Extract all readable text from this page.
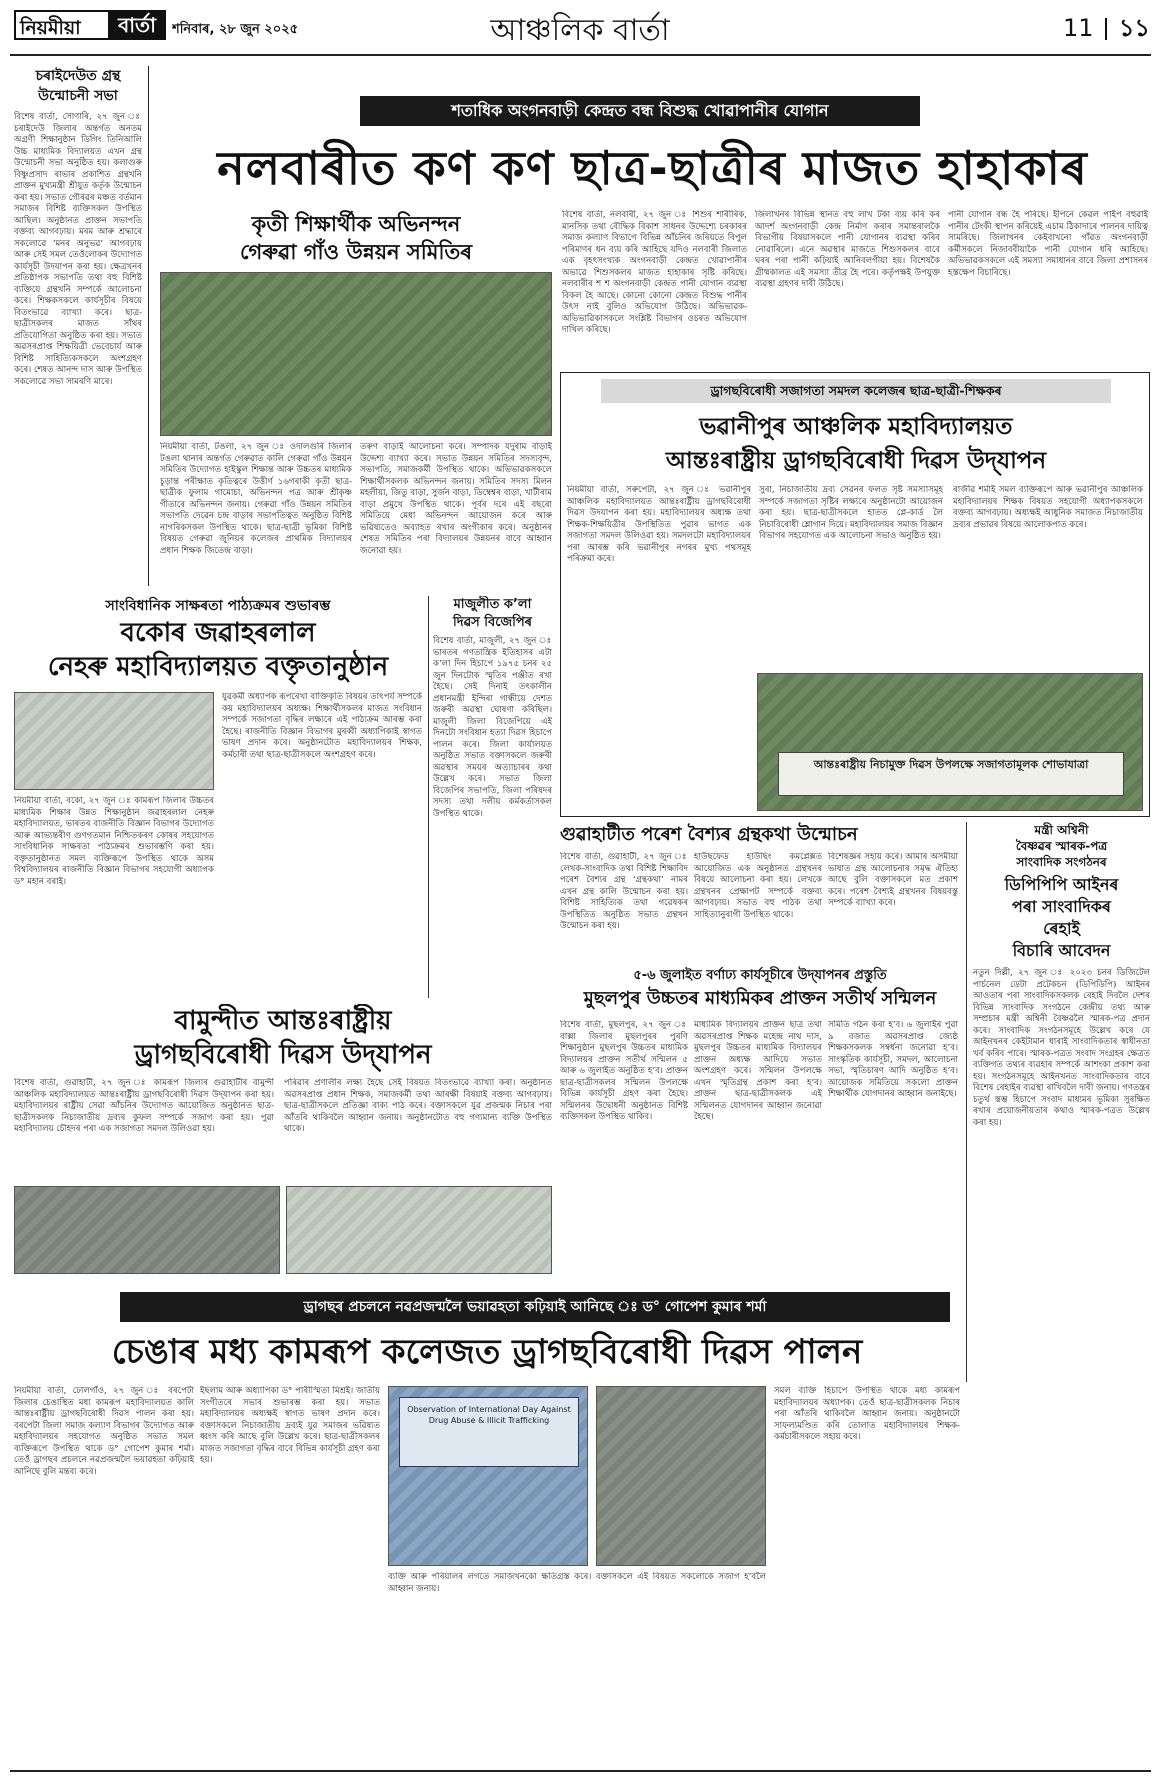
নিয়মীয়া	বাৰ্তা	শনিবাৰ, ২৮ জুন ২০২৫	আঞ্চলিক বাৰ্তা	11 ১১
চৰাইদেউত গ্ৰন্থ উন্মোচনী সভা
বিশেষ বাৰ্তা, সোণাৰি, ২৭ জুন ঃ চৰাইদেউ জিলাৰ অন্তৰ্গত অনতম অগ্ৰণী শিক্ষানুষ্ঠান ডিগিং তিনিআলি উচ্চ মাধ্যমিক বিদ্যালয়ত এখন গ্ৰন্থ উন্মোচনী সভা অনুষ্ঠিত হয়। কলাগুৰু বিষ্ণুপ্ৰসাদ ৰাভাৰ প্ৰকাশিত গ্ৰন্থখনি প্ৰাক্তন মুখ্যমন্ত্ৰী শ্ৰীযুত কৰ্তৃক উন্মোচন কৰা হয়। সভাত গৌৰৱৰ মঞ্চত বৰ্তমান সমাজৰ বিশিষ্ট ব্যক্তিসকল উপস্থিত আছিল। অনুষ্ঠানত প্ৰাক্তন সভাপতি বক্তব্য আগবঢ়ায়। মৰম আৰু শ্ৰদ্ধাৰে সকলোৱে ‘মনৰ অনুভৱ’ আগবঢ়ায় আৰু সেই সমল তেওঁলোকৰ উদ্যোগত কাৰ্যসূচী উদযাপন কৰা হয়। ক্ষেত্ৰখনৰ প্ৰতিষ্ঠাপক সভাপতি তথা বহু বিশিষ্ট ব্যক্তিয়ে গ্ৰন্থখনি সম্পৰ্কে আলোচনা কৰে। শিক্ষকসকলে কাৰ্যসূচীৰ বিষয়ে বিতংভাৱে ব্যাখ্যা কৰে। ছাত্ৰ-ছাত্ৰীসকলৰ মাজত সাঁথৰ প্ৰতিযোগিতা অনুষ্ঠিত কৰা হয়। সভাত অৱসৰপ্ৰাপ্ত শিক্ষয়িত্ৰী ভেবেচাৰ্য আৰু বিশিষ্ট সাহিত্যিকসকলে অংশগ্ৰহণ কৰে। শেষত আনন্দ দাস আৰু উপস্থিত সকলোৱে সভা সামৰণি মাৰে।
শতাধিক অংগনবাড়ী কেন্দ্ৰত বন্ধ বিশুদ্ধ খোৱাপানীৰ যোগান
নলবাৰীত কণ কণ ছাত্ৰ-ছাত্ৰীৰ মাজত হাহাকাৰ
কৃতী শিক্ষাৰ্থীক অভিনন্দন
গেৰুৱা গাঁও উন্নয়ন সমিতিৰ
নিয়মীয়া বাৰ্তা, টঙলা, ২৭ জুন ঃ ওদালগুৰি জিলাৰ টঙলা থানাৰ অন্তৰ্গত গেৰুৱাত কালি গেৰুৱা গাঁও উন্নয়ন সমিতিৰ উদ্যোগত হাইস্কুল শিক্ষান্ত আৰু উচ্চতৰ মাধ্যমিক চূড়ান্ত পৰীক্ষাত কৃতিত্বৰে উত্তীৰ্ণ ১৬গৰাকী কৃতী ছাত্ৰ-ছাত্ৰীক ফুলাম গামোচা, অভিনন্দন পত্ৰ আৰু শ্ৰীকৃষ্ণ গীতাৰে অভিনন্দন জনায়। গেৰুৱা গাঁও উন্নয়ন সমিতিৰ সভাপতি দেৱেন চন্দ্ৰ বাড়াৰ সভাপতিত্বত অনুষ্ঠিত বিশিষ্ট নাগৰিকসকল উপস্থিত থাকে। ছাত্ৰ-ছাত্ৰী ভূমিকা বিশিষ্ট বিষয়ত গেৰুৱা জুনিয়ৰ কলেজৰ প্ৰাথমিক বিদ্যালয়ৰ প্ৰধান শিক্ষক জিতেন্দ্ৰ বাড়া।
তৰুণ বাড়াই আলোচনা কৰে। সম্পাদক যদুৰাম বাড়াই উদ্দেশ্য ব্যাখ্যা কৰে। সভাত উন্নয়ন সমিতিৰ সদস্যবৃন্দ, সভাপতি, সমাজকৰ্মী উপস্থিত থাকে। অভিভাৱকসকলে শিক্ষাৰ্থীসকলক অভিনন্দন জনায়। সমিতিৰ সদস্য মিলন মহলীয়া, জিতু বাড়া, সুৰ্জন বাড়া, ডিম্বেশ্বৰ বাড়া, খাটীৰাম বাড়া প্ৰমুখে উপস্থিত থাকে। পূৰ্বৰ দৰে এই বছৰো সমিতিয়ে মেধা অভিনন্দন আয়োজন কৰে আৰু ভৱিষ্যতেও অব্যাহত ৰখাৰ অংগীকাৰ কৰে। অনুষ্ঠানৰ শেষত সমিতিৰ পৰা বিদ্যালয়ৰ উন্নয়নৰ বাবে আহ্বান জনোৱা হয়।
বিশেষ বাৰ্তা, নলবাৰী, ২৭ জুন ঃ শিশুৰ শাৰীৰিক, মানসিক তথা বৌদ্ধিক বিকাশ সাধনৰ উদ্দেশ্যে চৰকাৰৰ সমাজ কল্যাণ বিভাগে বিভিন্ন আঁচনিৰ জৰিয়তে বিপুল পৰিমাণৰ ধন ব্যয় কৰি আহিছে যদিও নলবাৰী জিলাত এক বৃহৎসংখ্যক অংগনবাড়ী কেন্দ্ৰত খোৱাপানীৰ অভাৱে শিশুসকলৰ মাজত হাহাকাৰ সৃষ্টি কৰিছে। নলবাৰীৰ শ শ অংগনবাড়ী কেন্দ্ৰত পানী যোগান ব্যৱস্থা বিকল হৈ আছে। কোনো কোনো কেন্দ্ৰত বিশুদ্ধ পানীৰ উৎস নাই বুলিও অভিযোগ উঠিছে। অভিভাৱক-অভিভাৱিকাসকলে সংশ্লিষ্ট বিভাগৰ ওচৰত অভিযোগ দাখিল কৰিছে।
জিলাখনৰ বিভিন্ন স্থানত বহু লাখ টকা ব্যয় কৰি কৰ আদৰ্শ অংগনবাড়ী কেন্দ্ৰ নিৰ্মাণ কৰাৰ সমান্তৰালকৈ বিভাগীয় বিষয়াসকলে পানী যোগানৰ ব্যৱস্থা কৰিব নোৱাৰিলে। এনে অৱস্থাৰ মাজতে শিশুসকলৰ বাবে ঘৰৰ পৰা পানী কঢ়িয়াই আনিবলগীয়া হয়। বিশেষকৈ গ্ৰীষ্মকালত এই সমস্যা তীব্ৰ হৈ পৰে। কৰ্তৃপক্ষই উপযুক্ত ব্যৱস্থা গ্ৰহণৰ দাবী উঠিছে।
পানী যোগান বন্ধ হৈ পৰিছে। ইপিনে কেৱল পাইপ বহুৱাই পানীৰ টেংকী স্থাপন কৰিয়েই এচাম ঠিকাদাৰে পালনৰ দায়িত্ব সামৰিছে। জিলাখনৰ কেইবাখনো গাঁৱত অংগনবাড়ী কৰ্মীসকলে নিজাববীয়াকৈ পানী যোগান ধৰি আহিছে। অভিভাৱকসকলে এই সমস্যা সমাধানৰ বাবে জিলা প্ৰশাসনৰ হস্তক্ষেপ বিচাৰিছে।
ড্ৰাগছবিৰোধী সজাগতা সমদল কলেজৰ ছাত্ৰ-ছাত্ৰী-শিক্ষকৰ
ভৱানীপুৰ আঞ্চলিক মহাবিদ্যালয়ত
আন্তঃৰাষ্ট্ৰীয় ড্ৰাগছবিৰোধী দিৱস উদ্‌যাপন
নিয়মীয়া বাৰ্তা, সৰুপেটা, ২৭ জুন ঃ ভৱানীপুৰ আঞ্চলিক মহাবিদ্যালয়ত আন্তঃৰাষ্ট্ৰীয় ড্ৰাগছবিৰোধী দিৱস উদযাপন কৰা হয়। মহাবিদ্যালয়ৰ অধ্যক্ষ তথা শিক্ষক-শিক্ষয়িত্ৰীৰ উপস্থিতিত পুৱাৰ ভাগত এক সজাগতা সমদল উলিওৱা হয়। সমদলটো মহাবিদ্যালয়ৰ পৰা আৰম্ভ কৰি ভৱানীপুৰ নগৰৰ মুখ্য পথসমূহ পৰিক্ৰমা কৰে।
সুৰা, নিচাজাতীয় দ্ৰব্য সেৱনৰ ফলত সৃষ্ট সমস্যাসমূহ সম্পৰ্কে সজাগতা সৃষ্টিৰ লক্ষ্যৰে অনুষ্ঠানটো আয়োজন কৰা হয়। ছাত্ৰ-ছাত্ৰীসকলে হাতত প্লে-কাৰ্ড লৈ নিচাবিৰোধী শ্লোগান দিয়ে। মহাবিদ্যালয়ৰ সমাজ বিজ্ঞান বিভাগৰ সহযোগত এক আলোচনা সভাও অনুষ্ঠিত হয়।
ৰাজীৱ শৰ্মাই সমল ব্যক্তিৰূপে আৰু ভৱানীপুৰ আঞ্চলিক মহাবিদ্যালয়ৰ শিক্ষক বিষয়ত সহযোগী অধ্যাপকসকলে বক্তব্য আগবঢ়ায়। অধ্যক্ষই আধুনিক সমাজত নিচাজাতীয় দ্ৰব্যৰ প্ৰভাৱৰ বিষয়ে আলোকপাত কৰে।
আন্তঃৰাষ্ট্ৰীয় নিচামুক্ত দিৱস উপলক্ষে সজাগতামূলক শোভাযাত্ৰা
সাংবিধানিক সাক্ষৰতা পাঠ্যক্ৰমৰ শুভাৰম্ভ
বকোৰ জৱাহৰলাল
নেহৰু মহাবিদ্যালয়ত বক্তৃতানুষ্ঠান
নিয়মীয়া বাৰ্তা, বকো, ২৭ জুন ঃ কামৰূপ জিলাৰ উচ্চতৰ মাধ্যমিক শিক্ষাৰ উন্নত শিক্ষানুষ্ঠান জৱাহৰলাল নেহৰু মহাবিদ্যালয়ত, ভাৰতৰ বাজনীতি বিজ্ঞান বিভাগৰ উদ্যোগত আৰু আভ্যন্তৰীণ গুণগতমান নিশ্চিতকৰণ কোষৰ সহযোগত সাংবিধানিক সাক্ষৰতা পাঠ্যক্ৰমৰ শুভাৰম্ভণি কৰা হয়। বক্তৃতানুষ্ঠানত সমল ব্যক্তিৰূপে উপস্থিত থাকে অসম বিশ্ববিদ্যালয়ৰ ৰাজনীতি বিজ্ঞান বিভাগৰ সহযোগী অধ্যাপক ড° মহান বৰাই।
যুৱকৰ্মী অধ্যাপক ৰূপৰেখা বাক্তিকৃতি বিষয়ৰ তাৎপৰ্য সম্পৰ্কে কয় মহাবিদ্যালয়ৰ অধ্যক্ষ। শিক্ষাৰ্থীসকলৰ মাজত সংবিধান সম্পৰ্কে সজাগতা বৃদ্ধিৰ লক্ষ্যৰে এই পাঠ্যক্ৰম আৰম্ভ কৰা হৈছে। ৰাজনীতি বিজ্ঞান বিভাগৰ মুৰব্বী অধ্যাপিকাই স্বাগত ভাষণ প্ৰদান কৰে। অনুষ্ঠানটোত মহাবিদ্যালয়ৰ শিক্ষক, কৰ্মচাৰী তথা ছাত্ৰ-ছাত্ৰীসকলে অংশগ্ৰহণ কৰে।
মাজুলীত ক’লা
দিৱস বিজেপিৰ
বিশেষ বাৰ্তা, মাজুলী, ২৭ জুন ঃ ভাৰতৰ গণতান্ত্ৰিক ইতিহাসৰ এটা ক’লা দিন হিচাপে ১৯৭৫ চনৰ ২৫ জুন দিনটোক স্মৃতিৰ পঞ্জীত ৰখা হৈছে। সেই দিনাই তৎকালীন প্ৰধানমন্ত্ৰী ইন্দিৰা গান্ধীয়ে দেশত জৰুৰী অৱস্থা ঘোষণা কৰিছিল। মাজুলী জিলা বিজেপিয়ে এই দিনটো সংবিধান হত্যা দিৱস হিচাপে পালন কৰে। জিলা কাৰ্যালয়ত অনুষ্ঠিত সভাত বক্তাসকলে জৰুৰী অৱস্থাৰ সময়ৰ অত্যাচাৰৰ কথা উল্লেখ কৰে। সভাত জিলা বিজেপিৰ সভাপতি, জিলা পৰিষদৰ সদস্য তথা দলীয় কৰ্মকৰ্তাসকল উপস্থিত থাকে।
বামুন্দীত আন্তঃৰাষ্ট্ৰীয়
ড্ৰাগছবিৰোধী দিৱস উদ্‌যাপন
বিশেষ বাৰ্তা, গুৱাহাটী, ২৭ জুন ঃ কামৰূপ জিলাৰ গুৱাহাটীৰ বামুন্দী আঞ্চলিক মহাবিদ্যালয়ত আন্তঃৰাষ্ট্ৰীয় ড্ৰাগছবিৰোধী দিৱস উদ্‌যাপন কৰা হয়। মহাবিদ্যালয়ৰ ৰাষ্ট্ৰীয় সেৱা আঁচনিৰ উদ্যোগত আয়োজিত অনুষ্ঠানত ছাত্ৰ-ছাত্ৰীসকলক নিচাজাতীয় দ্ৰব্যৰ কুফল সম্পৰ্কে সজাগ কৰা হয়। পুৱা মহাবিদ্যালয় চৌহদৰ পৰা এক সজাগতা সমদল উলিওৱা হয়।
পৰিৱাৰ প্ৰণালীৰ লক্ষ্য হৈছে সেই বিষয়ত বিতংভাৱে ব্যাখ্যা কৰা। অনুষ্ঠানত অৱসৰপ্ৰাপ্ত প্ৰধান শিক্ষক, সমাজকৰ্মী তথা আৰক্ষী বিষয়াই বক্তব্য আগবঢ়ায়। ছাত্ৰ-ছাত্ৰীসকলে প্ৰতিজ্ঞা বাক্য পাঠ কৰে। বক্তাসকলে যুৱ প্ৰজন্মক নিচাৰ পৰা আঁতৰি থাকিবলৈ আহ্বান জনায়। অনুষ্ঠানটোত বহু গণ্যমান্য ব্যক্তি উপস্থিত থাকে।
গুৱাহাটীত পৰেশ বৈশ্যৰ গ্ৰন্থকথা উন্মোচন
বিশেষ বাৰ্তা, গুৱাহাটী, ২৭ জুন ঃ লেখক-সাংবাদিক তথা বিশিষ্ট শিক্ষাবিদ পৰেশ বৈশ্যৰ গ্ৰন্থ ‘গ্ৰন্থকথা’ নামৰ এখন গ্ৰন্থ কালি উন্মোচন কৰা হয়। বিশিষ্ট সাহিত্যিক তথা গৱেষকৰ উপস্থিতিত অনুষ্ঠিত সভাত গ্ৰন্থখন উন্মোচন কৰা হয়।
হাউছফেড হাউছিং কমপ্লেক্সত আয়োজিত এক অনুষ্ঠানত গ্ৰন্থখনৰ বিষয়ে আলোচনা কৰা হয়। লেখকে গ্ৰন্থখনৰ প্ৰেক্ষাপট সম্পৰ্কে বক্তব্য আগবঢ়ায়। সভাত বহু পাঠক তথা সাহিত্যানুৰাগী উপস্থিত থাকে।
বিশেষজ্ঞৰ সহায় কৰে। আমাৰ অসমীয়া ভাষাত গ্ৰন্থ আলোচনাৰ সমৃদ্ধ ঐতিহ্য আছে বুলি বক্তাসকলে মত প্ৰকাশ কৰে। পৰেশ বৈশ্যই গ্ৰন্থখনৰ বিষয়বস্তু সম্পৰ্কে ব্যাখ্যা কৰে।
মন্ত্ৰী অশ্বিনী
বৈষ্ণৱৰ স্মাৰক-পত্ৰ
সাংবাদিক সংগঠনৰ
ডিপিপিপি আইনৰ
পৰা সাংবাদিকৰ
ৰেহাই
বিচাৰি আবেদন
নতুন দিল্লী, ২৭ জুন ঃ ২০২৩ চনৰ ডিজিটেল পাৰ্চনেল ডেটা প্ৰটেকচন (ডিপিডিপি) আইনৰ আওতাৰ পৰা সাংবাদিকসকলক ৰেহাই দিবলৈ দেশৰ বিভিন্ন সাংবাদিক সংগঠনে কেন্দ্ৰীয় তথ্য আৰু সম্প্ৰচাৰ মন্ত্ৰী অশ্বিনী বৈষ্ণৱলৈ স্মাৰক-পত্ৰ প্ৰদান কৰে। সাংবাদিক সংগঠনসমূহে উল্লেখ কৰে যে আইনখনৰ কেইটামান ধাৰাই সাংবাদিকতাৰ স্বাধীনতা খৰ্ব কৰিব পাৰে। স্মাৰক-পত্ৰত সংবাদ সংগ্ৰহৰ ক্ষেত্ৰত ব্যক্তিগত তথ্যৰ ব্যৱহাৰ সম্পৰ্কে আশংকা প্ৰকাশ কৰা হয়। সংগঠনসমূহে আইনখনত সাংবাদিকতাৰ বাবে বিশেষ ৰেহাইৰ ব্যৱস্থা ৰাখিবলৈ দাবী জনায়। গণতন্ত্ৰৰ চতুৰ্থ স্তম্ভ হিচাপে সংবাদ মাধ্যমৰ ভূমিকা সুৰক্ষিত ৰখাৰ প্ৰয়োজনীয়তাৰ কথাও স্মাৰক-পত্ৰত উল্লেখ কৰা হয়।
৫-৬ জুলাইত বৰ্ণাঢ্য কাৰ্যসূচীৰে উদ্‌যাপনৰ প্ৰস্তুতি
মুছলপুৰ উচ্চতৰ মাধ্যমিকৰ প্ৰাক্তন সতীৰ্থ সন্মিলন
বিশেষ বাৰ্তা, মুছলপুৰ, ২৭ জুন ঃ বাক্সা জিলাৰ মুছলপুৰৰ পুৰণি শিক্ষানুষ্ঠান মুছলপুৰ উচ্চতৰ মাধ্যমিক বিদ্যালয়ৰ প্ৰাক্তন সতীৰ্থ সন্মিলন ৫ আৰু ৬ জুলাইত অনুষ্ঠিত হ’ব। প্ৰাক্তন ছাত্ৰ-ছাত্ৰীসকলৰ সন্মিলন উপলক্ষে বিভিন্ন কাৰ্যসূচী গ্ৰহণ কৰা হৈছে। সন্মিলনৰ উদ্বোধনী অনুষ্ঠানত বিশিষ্ট ব্যক্তিসকল উপস্থিত থাকিব।
মাধ্যমিক বিদ্যালয়ৰ প্ৰাক্তন ছাত্ৰ তথা অৱসৰপ্ৰাপ্ত শিক্ষক মহেন্দ্ৰ নাথ দাস, মুছলপুৰ উচ্চতৰ মাধ্যমিক বিদ্যালয়ৰ প্ৰাক্তন অধ্যক্ষ আদিয়ে সভাত অংশগ্ৰহণ কৰে। সন্মিলন উপলক্ষে এখন স্মৃতিগ্ৰন্থ প্ৰকাশ কৰা হ’ব। প্ৰাক্তন ছাত্ৰ-ছাত্ৰীসকলক এই সন্মিলনত যোগদানৰ আহ্বান জনোৱা হৈছে।
সমিতি গঠন কৰা হ’ব। ৬ জুলাইৰ পুৱা ৯ বজাত অৱসৰপ্ৰাপ্ত জ্যেষ্ঠ শিক্ষকসকলক সম্বৰ্ধনা জনোৱা হ’ব। সাংস্কৃতিক কাৰ্যসূচী, সমদল, আলোচনা সভা, স্মৃতিচাৰণ আদি অনুষ্ঠিত হ’ব। আয়োজক সমিতিয়ে সকলো প্ৰাক্তন শিক্ষাৰ্থীক যোগদানৰ আহ্বান জনাইছে।
ড্ৰাগছৰ প্ৰচলনে নৱপ্ৰজন্মলৈ ভয়াৱহতা কঢ়িয়াই আনিছে ঃ ড° গোপেশ কুমাৰ শৰ্মা
চেঙাৰ মধ্য কামৰূপ কলেজত ড্ৰাগছবিৰোধী দিৱস পালন
নিয়মীয়া বাৰ্তা, ঢোলগাঁও, ২৭ জুন ঃ বৰপেটা জিলাৰ চেঙাস্থিত মধ্য কামৰূপ মহাবিদ্যালয়ত কালি আন্তঃৰাষ্ট্ৰীয় ড্ৰাগছবিৰোধী দিৱস পালন কৰা হয়। বৰপেটা জিলা সমাজ কল্যাণ বিভাগৰ উদ্যোগত আৰু মহাবিদ্যালয়ৰ সহযোগত অনুষ্ঠিত সভাত সমল ব্যক্তিৰূপে উপস্থিত থাকে ড° গোপেশ কুমাৰ শৰ্মা। তেওঁ ড্ৰাগছৰ প্ৰচলনে নৱপ্ৰজন্মলৈ ভয়াৱহতা কঢ়িয়াই আনিছে বুলি মন্তব্য কৰে।
ইছলাম আৰু অধ্যাপিকা ড° পাৰীস্মিতা মিশ্ৰই। জাতীয় সংগীতৰে সভাৰ শুভাৰম্ভ কৰা হয়। সভাত মহাবিদ্যালয়ৰ অধ্যক্ষই স্বাগত ভাষণ প্ৰদান কৰে। বক্তাসকলে নিচাজাতীয় দ্ৰব্যই যুৱ সমাজৰ ভৱিষ্যত ধ্বংস কৰি আছে বুলি উল্লেখ কৰে। ছাত্ৰ-ছাত্ৰীসকলৰ মাজত সজাগতা বৃদ্ধিৰ বাবে বিভিন্ন কাৰ্যসূচী গ্ৰহণ কৰা হয়।
Observation of International Day Against Drug Abuse & Illicit Trafficking
ব্যক্তি আৰু পৰিয়ালৰ লগতে সমাজখনকো ক্ষতিগ্ৰস্ত কৰে। বক্তাসকলে এই বিষয়ত সকলোকে সজাগ হ’বলৈ আহ্বান জনায়।
সমল ব্যক্তি হিচাপে উপস্থিত থাকে মধ্য কামৰূপ মহাবিদ্যালয়ৰ অধ্যাপক। তেওঁ ছাত্ৰ-ছাত্ৰীসকলক নিচাৰ পৰা আঁতৰি থাকিবলৈ আহ্বান জনায়। অনুষ্ঠানটো সাফল্যমণ্ডিত কৰি তোলাত মহাবিদ্যালয়ৰ শিক্ষক-কৰ্মচাৰীসকলে সহায় কৰে।
